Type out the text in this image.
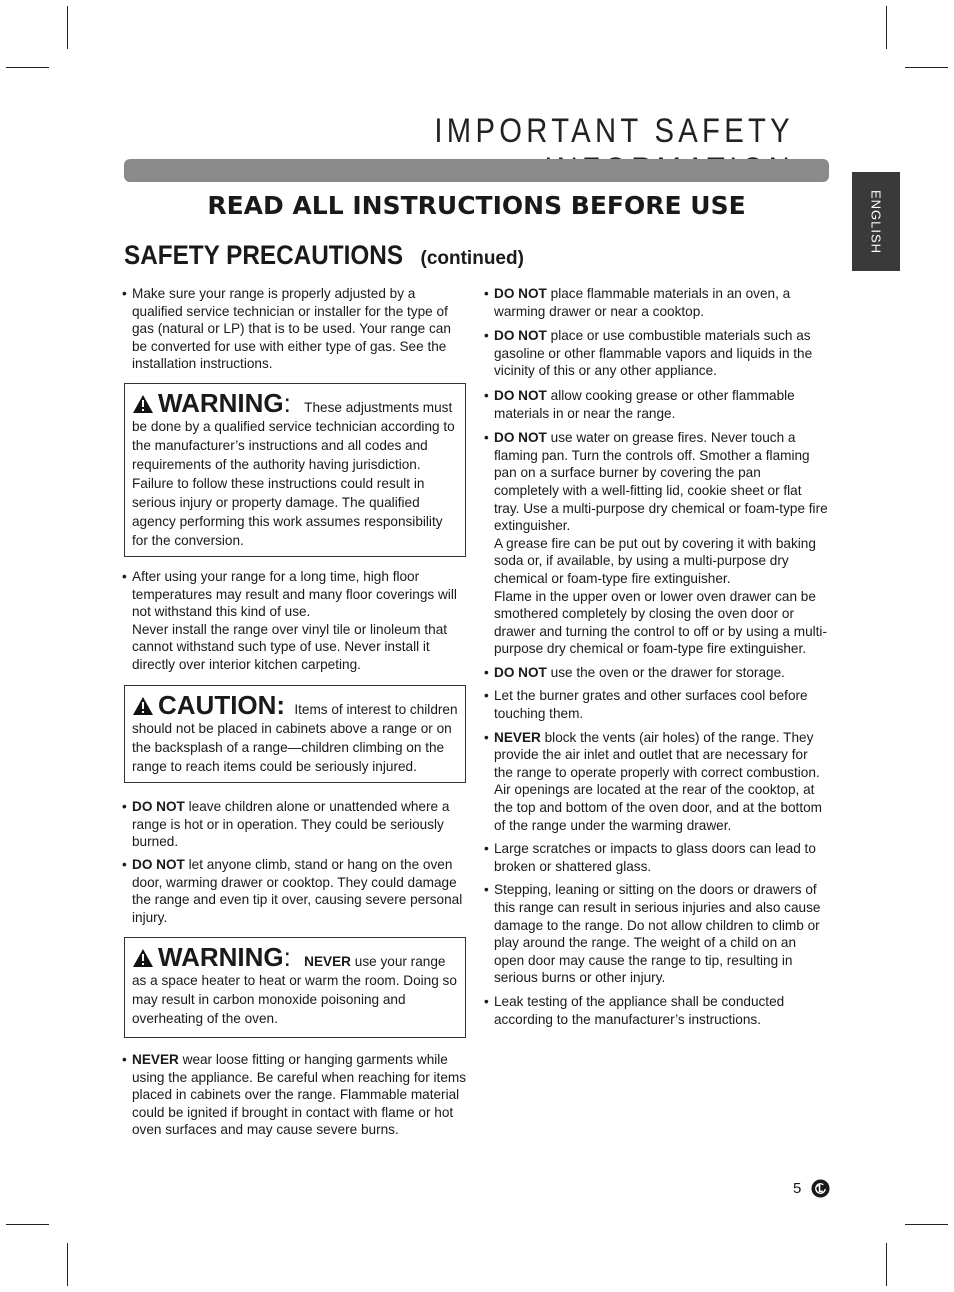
IMPORTANT SAFETY
ENGLISH
READ ALL INSTRUCTIONS BEFORE USE
SAFETY PRECAUTIONS (continued)
• Make sure your range is properly adjusted by a qualified service technician or installer for the type of gas (natural or LP) that is to be used. Your range can be converted for use with either type of gas. See the installation instructions.

WARNING: These adjustments must be done by a qualified service technician according to the manufacturer’s instructions and all codes and requirements of the authority having jurisdiction. Failure to follow these instructions could result in serious injury or property damage. The qualified agency performing this work assumes responsibility for the conversion.
• After using your range for a long time, high floor temperatures may result and many floor coverings will not withstand this kind of use.

Never install the range over vinyl tile or linoleum that cannot withstand such type of use. Never install it directly over interior kitchen carpeting.

CAUTION: Items of interest to children should not be placed in cabinets above a range or on the backsplash of a range—children climbing on the range to reach items could be seriously injured.
• DO NOT leave children alone or unattended where a range is hot or in operation. They could be seriously burned.

• DO NOT let anyone climb, stand or hang on the oven door, warming drawer or cooktop. They could damage the range and even tip it over, causing severe personal injury.

WARNING: NEVER use your range as a space heater to heat or warm the room. Doing so may result in carbon monoxide poisoning and overheating of the oven.
• NEVER wear loose fitting or hanging garments while using the appliance. Be careful when reaching for items placed in cabinets over the range. Flammable material could be ignited if brought in contact with flame or hot oven surfaces and may cause severe burns.

• DO NOT place flammable materials in an oven, a warming drawer or near a cooktop.

• DO NOT place or use combustible materials such as gasoline or other flammable vapors and liquids in the vicinity of this or any other appliance.

• DO NOT allow cooking grease or other flammable materials in or near the range.

• DO NOT use water on grease fires. Never touch a flaming pan. Turn the controls off. Smother a flaming pan on a surface burner by covering the pan completely with a well-fitting lid, cookie sheet or flat tray. Use a multi-purpose dry chemical or foam-type fire extinguisher.

A grease fire can be put out by covering it with baking soda or, if available, by using a multi-purpose dry chemical or foam-type fire extinguisher.

Flame in the upper oven or lower oven drawer can be smothered completely by closing the oven door or drawer and turning the control to off or by using a multi-purpose dry chemical or foam-type fire extinguisher.

• DO NOT use the oven or the drawer for storage.

• Let the burner grates and other surfaces cool before touching them.

• NEVER block the vents (air holes) of the range. They provide the air inlet and outlet that are necessary for the range to operate properly with correct combustion. Air openings are located at the rear of the cooktop, at the top and bottom of the oven door, and at the bottom of the range under the warming drawer.

• Large scratches or impacts to glass doors can lead to broken or shattered glass.

• Stepping, leaning or sitting on the doors or drawers of this range can result in serious injuries and also cause damage to the range. Do not allow children to climb or play around the range. The weight of a child on an open door may cause the range to tip, resulting in serious burns or other injury.

• Leak testing of the appliance shall be conducted according to the manufacturer’s instructions.

5
